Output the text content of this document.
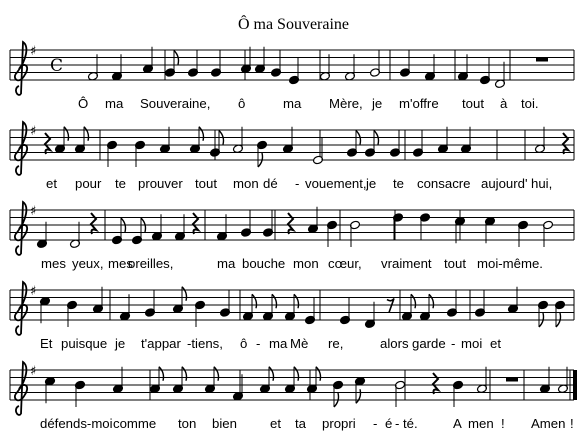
Ô ma Souveraine
♯
C
Ô ma Souveraine, ô	ma Mère, je m'offre tout à toi.
♯
et pour te prouver tout mon dé - vouement, je te consacre aujourd' hui,
♯
mes yeux, mes
oreilles,	ma bouche mon cœur, vraiment tout moi-même.
♯
Et puisque je t'appar -tiens, ô - ma Mè re,	alors garde - moi et
♯
défends-moi comme ton bien	et ta propri - é - té.	A men ! Amen !
